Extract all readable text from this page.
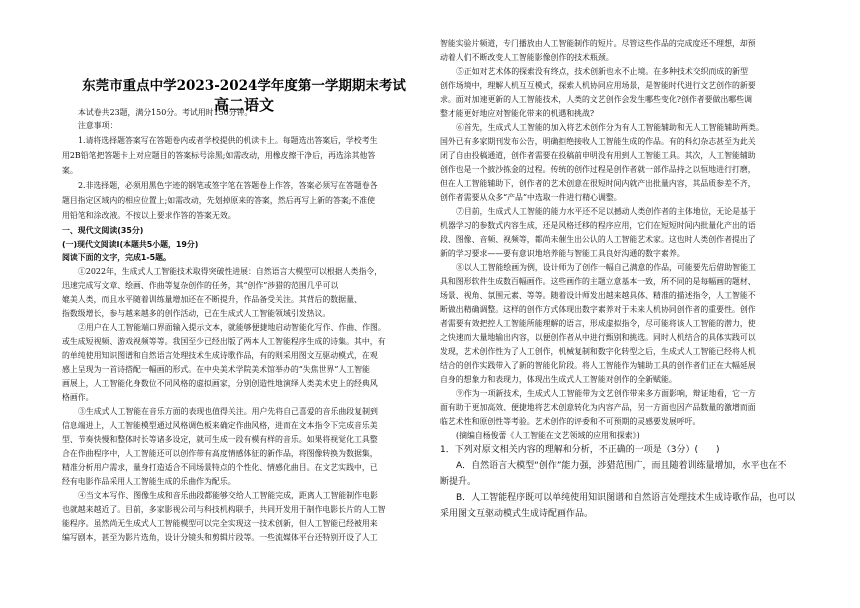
东莞市重点中学2023-2024学年度第一学期期末考试
高二语文
本试卷共23题，满分150分。考试用时150分钟。
注意事项：
1.请将选择题答案写在答题卷内或者学校提供的机读卡上。每题选出答案后，学校考生
用2B铅笔把答题卡上对应题目的答案标号涂黑;如需改动，用橡皮擦干净后，再选涂其他答
案。
2.非选择题，必须用黑色字迹的钢笔或签字笔在答题卷上作答，答案必须写在答题卷各
题目指定区域内的相应位置上;如需改动，先划掉原来的答案，然后再写上新的答案;不准使
用铅笔和涂改液。不按以上要求作答的答案无效。
一、现代文阅读(35分)
(一)现代文阅读Ⅰ(本题共5小题，19分)
阅读下面的文字，完成1-5题。
①2022年，生成式人工智能技术取得突破性进展：自然语言大模型可以根据人类指令，
迅速完成写文章、绘画、作曲等复杂创作的任务，其“创作”涉猎的范围几乎可以
媲美人类，而且水平随着训练量增加还在不断提升，作品备受关注。其背后的数据量、
指数级增长，参与越来越多的创作活动，已在生成式人工智能领域引发热议。
②用户在人工智能端口界面输入提示文本，就能够便捷地启动智能化写作、作曲、作图。
或生成短视频、游戏视频等等。我国至少已经出版了两本人工智能程序生成的诗集。其中，有
的单纯使用知识图谱和自然语言处理技术生成诗歌作品，有的则采用图文互驱动模式，在观
感上呈现为一首诗搭配一幅画的形式。在中央美术学院美术馆举办的“失焦世界”人工智能
画展上，人工智能化身数位不同风格的虚拟画家，分别创造性地演绎人类美术史上的经典风
格画作。
③生成式人工智能在音乐方面的表现也值得关注。用户先将自己喜爱的音乐曲段复制到
信息端进上，人工智能模型通过风格调色板来确定作曲风格，进而在文本指令下完成音乐美
型、节奏快慢和整体时长等诸多设定，就可生成一段有模有样的音乐。如果将视觉化工具整
合在作曲程序中，人工智能还可以创作带有高度情感体征的新作品，将图像转换为数据集，
精准分析用户需求，量身打造适合不同场景特点的个性化、情感化曲目。在文艺实践中，已
经有电影作品采用人工智能生成的乐曲作为配乐。
④当文本写作、图像生成和音乐曲段都能够交给人工智能完成，距离人工智能制作电影
也就越来越近了。目前，多家影视公司与科技机构联手，共同开发用于制作电影长片的人工智
能程序。虽然尚无生成式人工智能模型可以完全实现这一技术创新，但人工智能已经被用来
编写剧本，甚至为影片选角，设计分镜头和剪辑片段等。一些流媒体平台还特别开设了人工
智能实验片频道，专门播放由人工智能制作的短片。尽管这些作品的完成度还不理想，却预
动着人们不断改变人工智能影像创作的技术瓶颈。
⑤正如对艺术体的探索没有终点，技术创新也永不止境。在多种技术交织而成的新型
创作场境中，理解人机互互模式，探索人机协同应用场景，是智能时代进行文艺创作的新要
求。面对加速更新的人工智能技术，人类的文艺创作会发生哪些变化?创作者要做出哪些调
整才能更好地应对智能化带来的机遇和挑战?
⑥首先，生成式人工智能的加入将艺术创作分为有人工智能辅助和无人工智能辅助两类。
国外已有多家期刊发布公告，明确拒绝接收人工智能生成的作品。有的科幻杂志甚至为此关
闭了自由投稿通道，创作者需要在投稿前申明没有用到人工智能工具。其次，人工智能辅助
创作也是一个披沙拣金的过程。传统的创作过程是创作者就一部作品持之以恒地进行打磨，
但在人工智能辅助下，创作者的艺术创意在很短时间内就产出批量内容，其品质参差不齐，
创作者需要从众多“产品”中选取一件进行精心调整。
⑦目前，生成式人工智能的能力水平还不足以撼动人类创作者的主体地位，无论是基于
机器学习的参数式内容生成，还是风格迁移的程序应用，它们在短短时间内批量化产出的语
段、图像、音频、视频等，都尚未催生出公认的人工智能艺术家。这也时人类创作者提出了
新的学习要求——要有意识地培养能与智能工具良好沟通的数字素养。
⑧以人工智能绘画为例，设计师为了创作一幅自己满意的作品，可能要先后借助智能工
具和图形软件生成数百幅画作。这些画作的主题立意基本一致，所不同的是每幅画的题材、
场景、视角、氛围元素、等等。随着设计师发出越来越具体、精准的描述指令，人工智能不
断做出精确调整。这样的创作方式体现出数字素养对于未来人机协同创作者的重要性。创作
者需要有效把控人工智能所能理解的语言，形成虚拟指令，尽可能将该人工智能的潜力，使
之快速而大量地输出内容，以便创作者从中进行甄别和挑选。同时人机结合的具体实践可以
发现，艺术创作性为了人工创作，机械复制和数字化转型之后，生成式人工智能已经将人机
结合的创作实践带入了新的智能化阶段。将人工智能作为辅助工具的创作者们正在大幅延展
自身的想象力和表现力，体现出生成式人工智能对创作的全新赋能。
⑨作为一项新技术，生成式人工智能带为文艺创作带来多方面影响，辩证地看，它一方
面有助于更加高效、便捷地将艺术创意转化为内容产品，另一方面也因产品数量的激增而面
临艺术性和原创性等考验。艺术创作的评委和不可预期的灵感要发展呼吁。
(摘编自杨俊蕾《人工智能在文艺领域的应用和探索》)
1．下列对原文相关内容的理解和分析，不正确的一项是（3分）(　　)
A．自然语言大模型“创作”能力强，涉猎范围广，而且随着训练量增加，水平也在不
断提升。
B．人工智能程序既可以单纯使用知识图谱和自然语言处理技术生成诗歌作品，也可以
采用图文互驱动模式生成诗配画作品。
